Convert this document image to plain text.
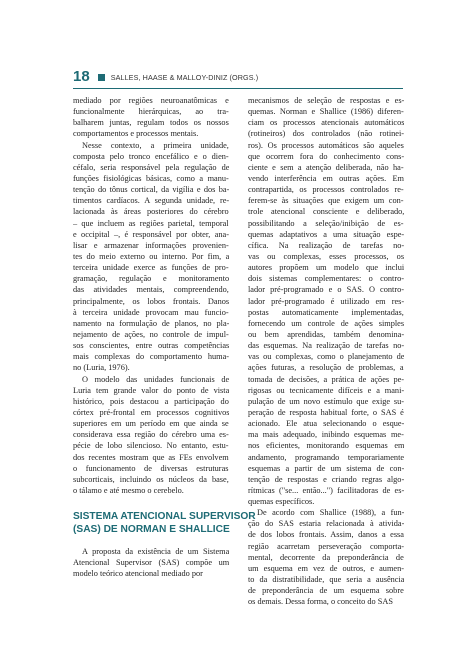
18	SALLES, HAASE & MALLOY-DINIZ (ORGS.)

mediado por regiões neuroanatômicas e
funcionalmente hierárquicas, ao tra-
balharem juntas, regulam todos os nossos
comportamentos e processos mentais.

Nesse contexto, a primeira unidade,
composta pelo tronco encefálico e o dien-
céfalo, seria responsável pela regulação de
funções fisiológicas básicas, como a manu-
tenção do tônus cortical, da vigília e dos ba-
timentos cardíacos. A segunda unidade, re-
lacionada às áreas posteriores do cérebro
– que incluem as regiões parietal, temporal
e occipital –, é responsável por obter, ana-
lisar e armazenar informações provenien-
tes do meio externo ou interno. Por fim, a
terceira unidade exerce as funções de pro-
gramação, regulação e monitoramento
das atividades mentais, compreendendo,
principalmente, os lobos frontais. Danos
à terceira unidade provocam mau funcio-
namento na formulação de planos, no pla-
nejamento de ações, no controle de impul-
sos conscientes, entre outras competências
mais complexas do comportamento huma-
no (Luria, 1976).

O modelo das unidades funcionais de
Luria tem grande valor do ponto de vista
histórico, pois destacou a participação do
córtex pré-frontal em processos cognitivos
superiores em um período em que ainda se
considerava essa região do cérebro uma es-
pécie de lobo silencioso. No entanto, estu-
dos recentes mostram que as FEs envolvem
o funcionamento de diversas estruturas
subcorticais, incluindo os núcleos da base,
o tálamo e até mesmo o cerebelo.

SISTEMA ATENCIONAL SUPERVISOR
(SAS) DE NORMAN E SHALLICE

A proposta da existência de um Sistema
Atencional Supervisor (SAS) compõe um
modelo teórico atencional mediado por

mecanismos de seleção de respostas e es-
quemas. Norman e Shallice (1986) diferen-
ciam os processos atencionais automáticos
(rotineiros) dos controlados (não rotinei-
ros). Os processos automáticos são aqueles
que ocorrem fora do conhecimento cons-
ciente e sem a atenção deliberada, não ha-
vendo interferência em outras ações. Em
contrapartida, os processos controlados re-
ferem-se às situações que exigem um con-
trole atencional consciente e deliberado,
possibilitando a seleção/inibição de es-
quemas adaptativos a uma situação espe-
cífica. Na realização de tarefas no-
vas ou complexas, esses processos, os
autores propõem um modelo que inclui
dois sistemas complementares: o contro-
lador pré-programado e o SAS. O contro-
lador pré-programado é utilizado em res-
postas automaticamente implementadas,
fornecendo um controle de ações simples
ou bem aprendidas, também denomina-
das esquemas. Na realização de tarefas no-
vas ou complexas, como o planejamento de
ações futuras, a resolução de problemas, a
tomada de decisões, a prática de ações pe-
rigosas ou tecnicamente difíceis e a mani-
pulação de um novo estímulo que exige su-
peração de resposta habitual forte, o SAS é
acionado. Ele atua selecionando o esque-
ma mais adequado, inibindo esquemas me-
nos eficientes, monitorando esquemas em
andamento, programando temporariamente
esquemas a partir de um sistema de con-
tenção de respostas e criando regras algo-
rítmicas ("se... então...") facilitadoras de es-
quemas específicos.

De acordo com Shallice (1988), a fun-
ção do SAS estaria relacionada à ativida-
de dos lobos frontais. Assim, danos a essa
região acarretam perseveração comporta-
mental, decorrente da preponderância de
um esquema em vez de outros, e aumen-
to da distratibilidade, que seria a ausência
de preponderância de um esquema sobre
os demais. Dessa forma, o conceito do SAS
